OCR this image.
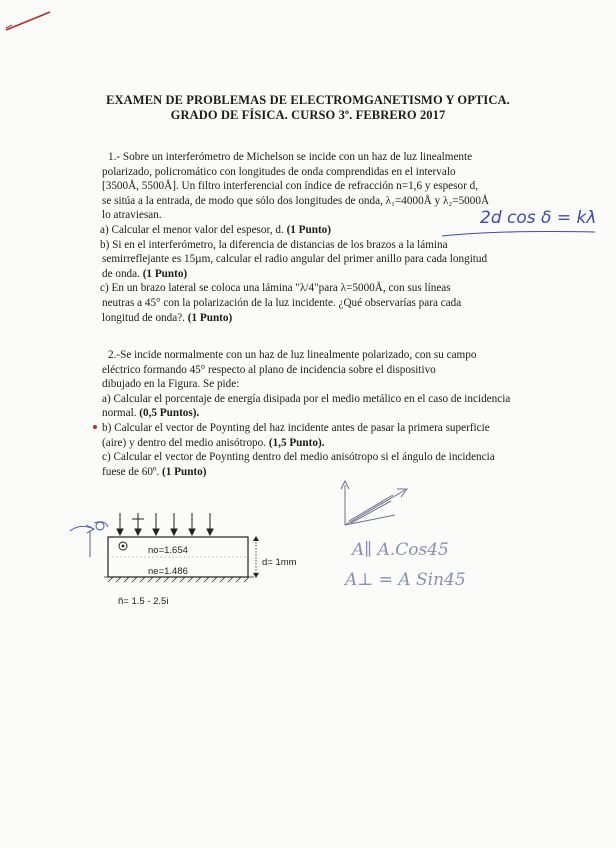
EXAMEN DE PROBLEMAS DE ELECTROMGANETISMO Y OPTICA.
GRADO DE FÍSICA. CURSO 3º. FEBRERO 2017
1.- Sobre un interferómetro de Michelson se incide con un haz de luz linealmente
polarizado, policromático con longitudes de onda comprendidas en el intervalo
[3500Å, 5500Å]. Un filtro interferencial con índice de refracción n=1,6 y espesor d,
se sitúa a la entrada, de modo que sólo dos longitudes de onda, λ₁=4000Å y λ₂=5000Å
lo atraviesan.
a) Calcular el menor valor del espesor, d. (1 Punto)
b) Si en el interferómetro, la diferencia de distancias de los brazos a la lámina
semirreflejante es 15µm, calcular el radio angular del primer anillo para cada longitud
de onda. (1 Punto)
c) En un brazo lateral se coloca una lámina "λ/4"para λ=5000Å, con sus líneas
neutras a 45° con la polarización de la luz incidente. ¿Qué observarías para cada
longitud de onda?. (1 Punto)
2d cos δ = kλ
2.-Se incide normalmente con un haz de luz linealmente polarizado, con su campo
eléctrico formando 45° respecto al plano de incidencia sobre el dispositivo
dibujado en la Figura. Se pide:
a) Calcular el porcentaje de energía disipada por el medio metálico en el caso de incidencia
normal. (0,5 Puntos).
b) Calcular el vector de Poynting del haz incidente antes de pasar la primera superficie
(aire) y dentro del medio anisótropo. (1,5 Punto).
c) Calcular el vector de Poynting dentro del medio anisótropo si el ángulo de incidencia
fuese de 60º. (1 Punto)
no=1.654
ne=1.486
d= 1mm
ñ= 1.5 - 2.5i
A∥ A.Cos45
A⊥ = A Sin45
